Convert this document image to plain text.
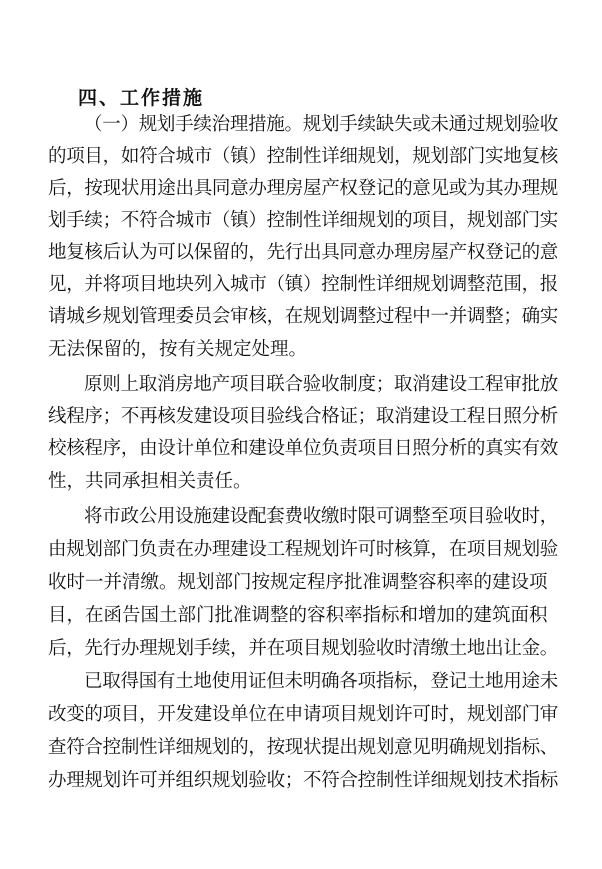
四、工作措施
（一）规划手续治理措施。规划手续缺失或未通过规划验收
的项目，如符合城市（镇）控制性详细规划，规划部门实地复核
后，按现状用途出具同意办理房屋产权登记的意见或为其办理规
划手续；不符合城市（镇）控制性详细规划的项目，规划部门实
地复核后认为可以保留的，先行出具同意办理房屋产权登记的意
见，并将项目地块列入城市（镇）控制性详细规划调整范围，报
请城乡规划管理委员会审核，在规划调整过程中一并调整；确实
无法保留的，按有关规定处理。
原则上取消房地产项目联合验收制度；取消建设工程审批放
线程序；不再核发建设项目验线合格证；取消建设工程日照分析
校核程序，由设计单位和建设单位负责项目日照分析的真实有效
性，共同承担相关责任。
将市政公用设施建设配套费收缴时限可调整至项目验收时，
由规划部门负责在办理建设工程规划许可时核算，在项目规划验
收时一并清缴。规划部门按规定程序批准调整容积率的建设项
目，在函告国土部门批准调整的容积率指标和增加的建筑面积
后，先行办理规划手续，并在项目规划验收时清缴土地出让金。
已取得国有土地使用证但未明确各项指标，登记土地用途未
改变的项目，开发建设单位在申请项目规划许可时，规划部门审
查符合控制性详细规划的，按现状提出规划意见明确规划指标、
办理规划许可并组织规划验收；不符合控制性详细规划技术指标
